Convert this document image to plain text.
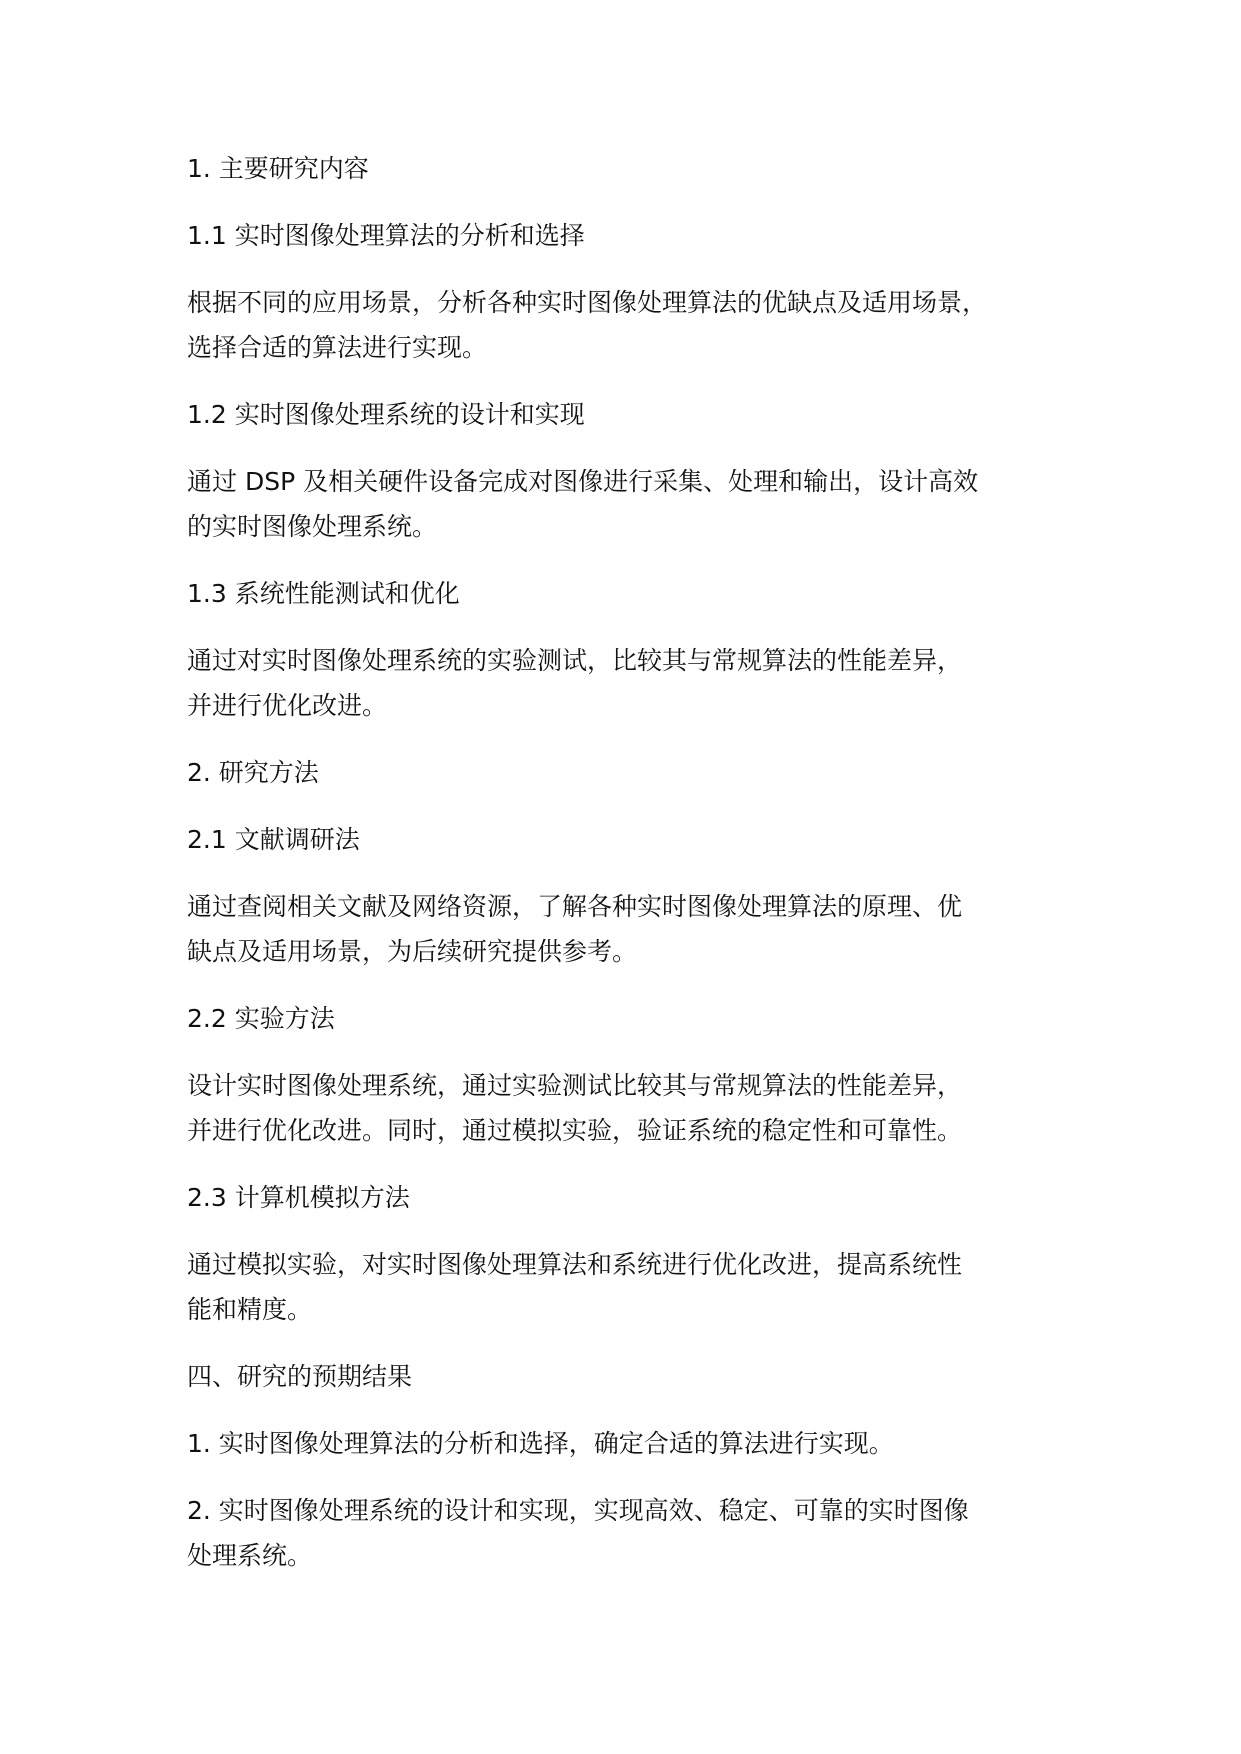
1. 主要研究内容
1.1 实时图像处理算法的分析和选择
根据不同的应用场景，分析各种实时图像处理算法的优缺点及适用场景，
选择合适的算法进行实现。
1.2 实时图像处理系统的设计和实现
通过 DSP 及相关硬件设备完成对图像进行采集、处理和输出，设计高效
的实时图像处理系统。
1.3 系统性能测试和优化
通过对实时图像处理系统的实验测试，比较其与常规算法的性能差异，
并进行优化改进。
2. 研究方法
2.1 文献调研法
通过查阅相关文献及网络资源，了解各种实时图像处理算法的原理、优
缺点及适用场景，为后续研究提供参考。
2.2 实验方法
设计实时图像处理系统，通过实验测试比较其与常规算法的性能差异，
并进行优化改进。同时，通过模拟实验，验证系统的稳定性和可靠性。
2.3 计算机模拟方法
通过模拟实验，对实时图像处理算法和系统进行优化改进，提高系统性
能和精度。
四、研究的预期结果
1. 实时图像处理算法的分析和选择，确定合适的算法进行实现。
2. 实时图像处理系统的设计和实现，实现高效、稳定、可靠的实时图像
处理系统。
